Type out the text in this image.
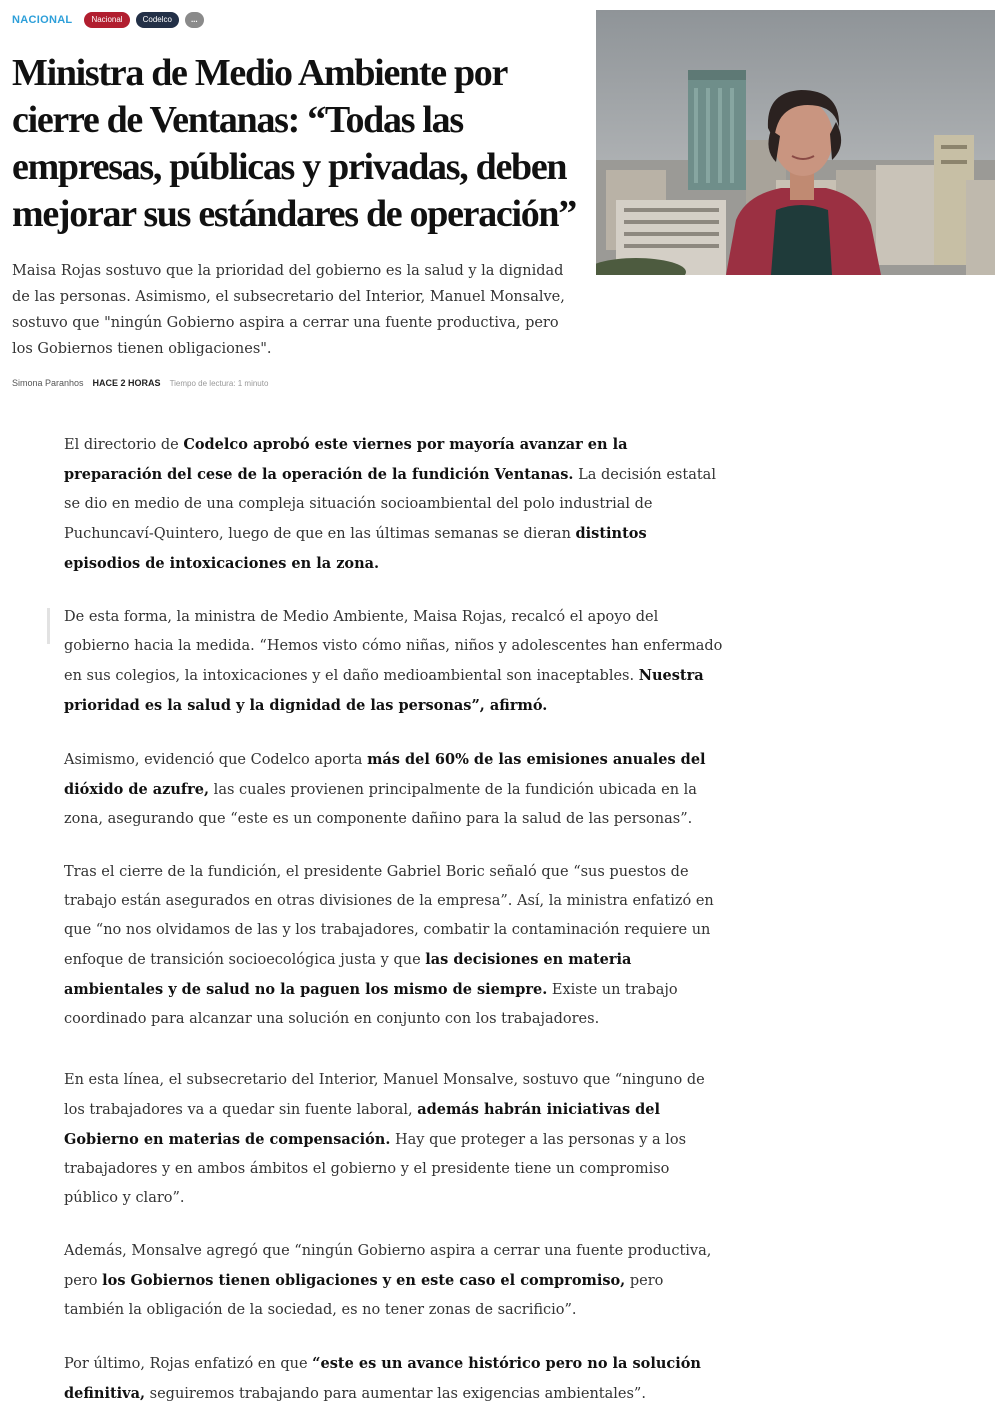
NACIONAL	Nacional	Codelco	...
Ministra de Medio Ambiente por cierre de Ventanas: “Todas las empresas, públicas y privadas, deben mejorar sus estándares de operación”

Maisa Rojas sostuvo que la prioridad del gobierno es la salud y la dignidad de las personas. Asimismo, el subsecretario del Interior, Manuel Monsalve, sostuvo que "ningún Gobierno aspira a cerrar una fuente productiva, pero los Gobiernos tienen obligaciones".

Simona Paranhos HACE 2 HORAS Tiempo de lectura: 1 minuto

El directorio de Codelco aprobó este viernes por mayoría avanzar en la preparación del cese de la operación de la fundición Ventanas. La decisión estatal se dio en medio de una compleja situación socioambiental del polo industrial de Puchuncaví-Quintero, luego de que en las últimas semanas se dieran distintos episodios de intoxicaciones en la zona.

De esta forma, la ministra de Medio Ambiente, Maisa Rojas, recalcó el apoyo del gobierno hacia la medida. “Hemos visto cómo niñas, niños y adolescentes han enfermado en sus colegios, la intoxicaciones y el daño medioambiental son inaceptables. Nuestra prioridad es la salud y la dignidad de las personas”, afirmó.

Asimismo, evidenció que Codelco aporta más del 60% de las emisiones anuales del dióxido de azufre, las cuales provienen principalmente de la fundición ubicada en la zona, asegurando que “este es un componente dañino para la salud de las personas”.

Tras el cierre de la fundición, el presidente Gabriel Boric señaló que “sus puestos de trabajo están asegurados en otras divisiones de la empresa”. Así, la ministra enfatizó en que “no nos olvidamos de las y los trabajadores, combatir la contaminación requiere un enfoque de transición socioecológica justa y que las decisiones en materia ambientales y de salud no la paguen los mismo de siempre. Existe un trabajo coordinado para alcanzar una solución en conjunto con los trabajadores.

En esta línea, el subsecretario del Interior, Manuel Monsalve, sostuvo que “ninguno de los trabajadores va a quedar sin fuente laboral, además habrán iniciativas del Gobierno en materias de compensación. Hay que proteger a las personas y a los trabajadores y en ambos ámbitos el gobierno y el presidente tiene un compromiso público y claro”.

Además, Monsalve agregó que “ningún Gobierno aspira a cerrar una fuente productiva, pero los Gobiernos tienen obligaciones y en este caso el compromiso, pero también la obligación de la sociedad, es no tener zonas de sacrificio”.

Por último, Rojas enfatizó en que “este es un avance histórico pero no la solución definitiva, seguiremos trabajando para aumentar las exigencias ambientales”.
